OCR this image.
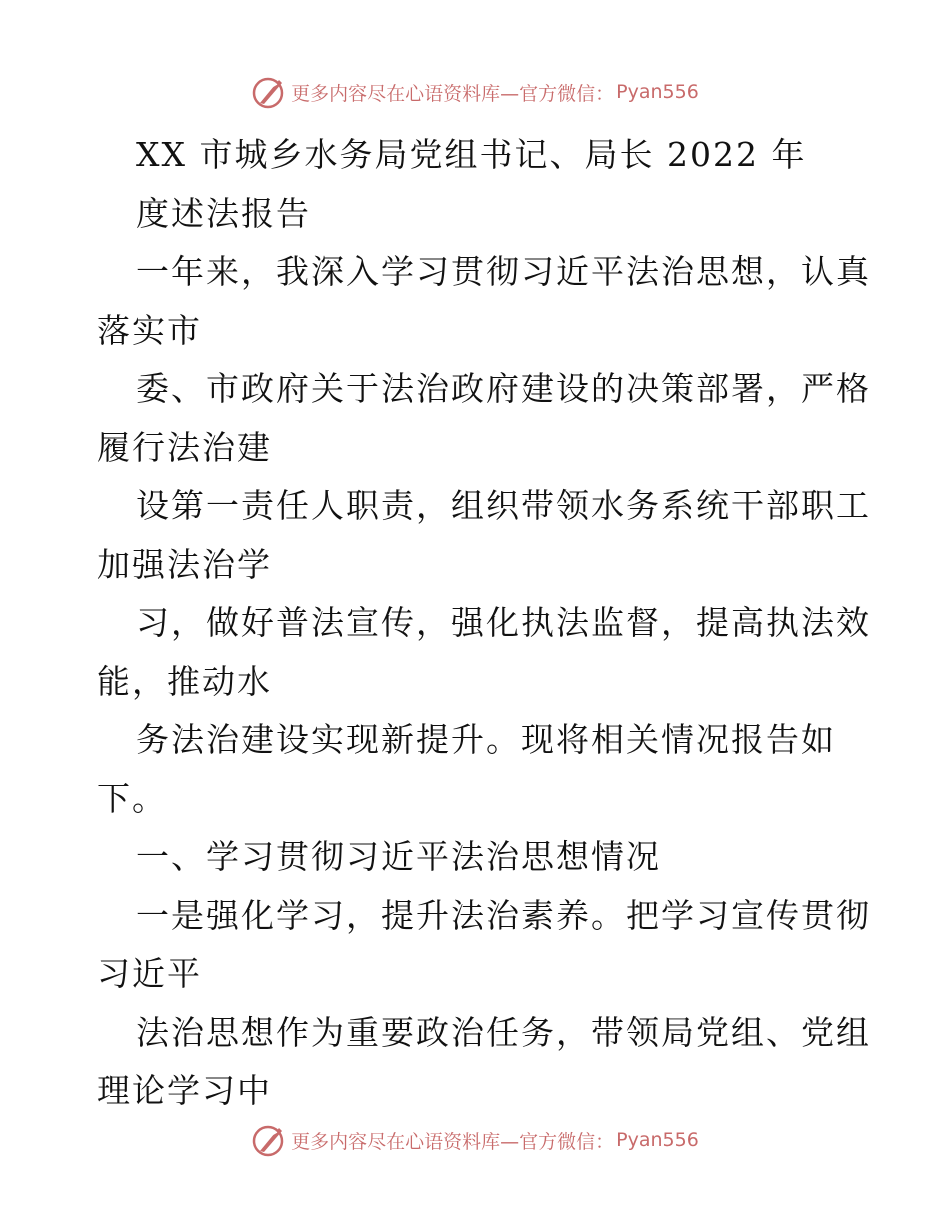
更多内容尽在心语资料库—官方微信： Pyan556
XX 市城乡水务局党组书记、局长 2022 年
度述法报告
一年来，我深入学习贯彻习近平法治思想，认真
落实市
委、市政府关于法治政府建设的决策部署，严格
履行法治建
设第一责任人职责，组织带领水务系统干部职工
加强法治学
习，做好普法宣传，强化执法监督，提高执法效
能，推动水
务法治建设实现新提升。现将相关情况报告如
下。
一、学习贯彻习近平法治思想情况
一是强化学习，提升法治素养。把学习宣传贯彻
习近平
法治思想作为重要政治任务，带领局党组、党组
理论学习中
更多内容尽在心语资料库—官方微信： Pyan556
